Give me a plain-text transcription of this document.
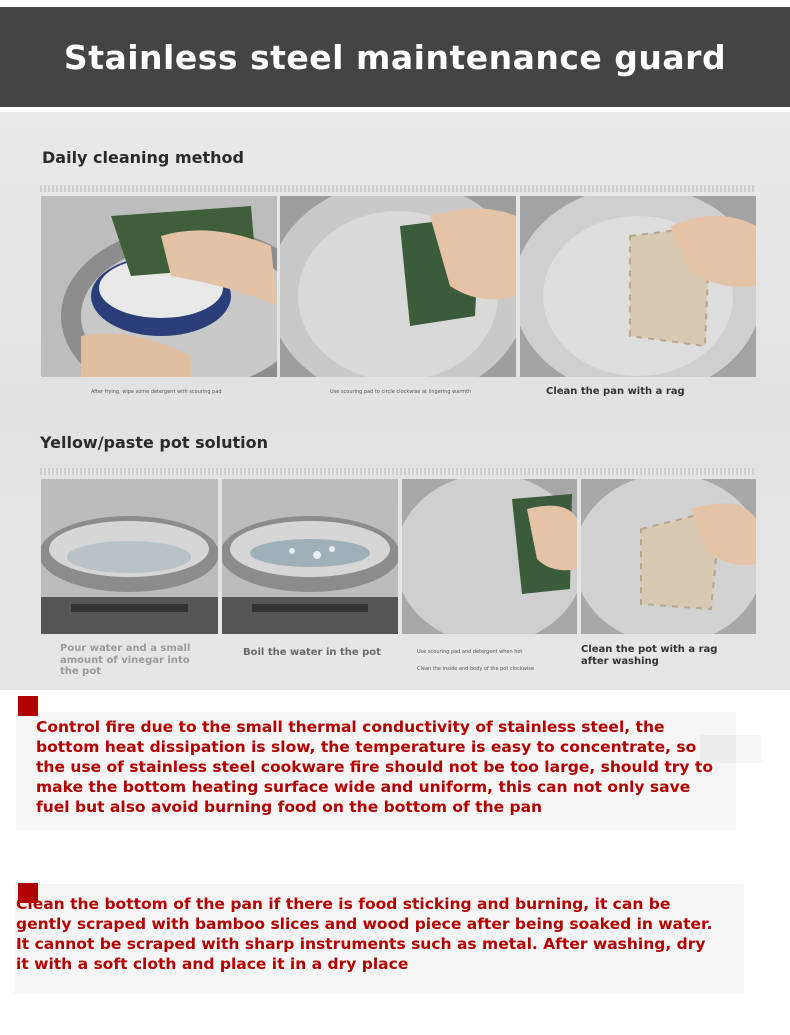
Stainless steel maintenance guard
Daily cleaning method
After frying, wipe some detergent with scouring pad	Use scouring pad to circle clockwise at lingering warmth	Clean the pan with a rag
Yellow/paste pot solution
Pour water and a small amount of vinegar into the pot
Boil the water in the pot	Use scouring pad and detergent when hot
Clean the inside and body of the pot clockwise
Clean the pot with a rag after washing

Control fire due to the small thermal conductivity of stainless steel, the bottom heat dissipation is slow, the temperature is easy to concentrate, so the use of stainless steel cookware fire should not be too large, should try to make the bottom heating surface wide and uniform, this can not only save fuel but also avoid burning food on the bottom of the pan

Clean the bottom of the pan if there is food sticking and burning, it can be gently scraped with bamboo slices and wood piece after being soaked in water. It cannot be scraped with sharp instruments such as metal. After washing, dry it with a soft cloth and place it in a dry place
